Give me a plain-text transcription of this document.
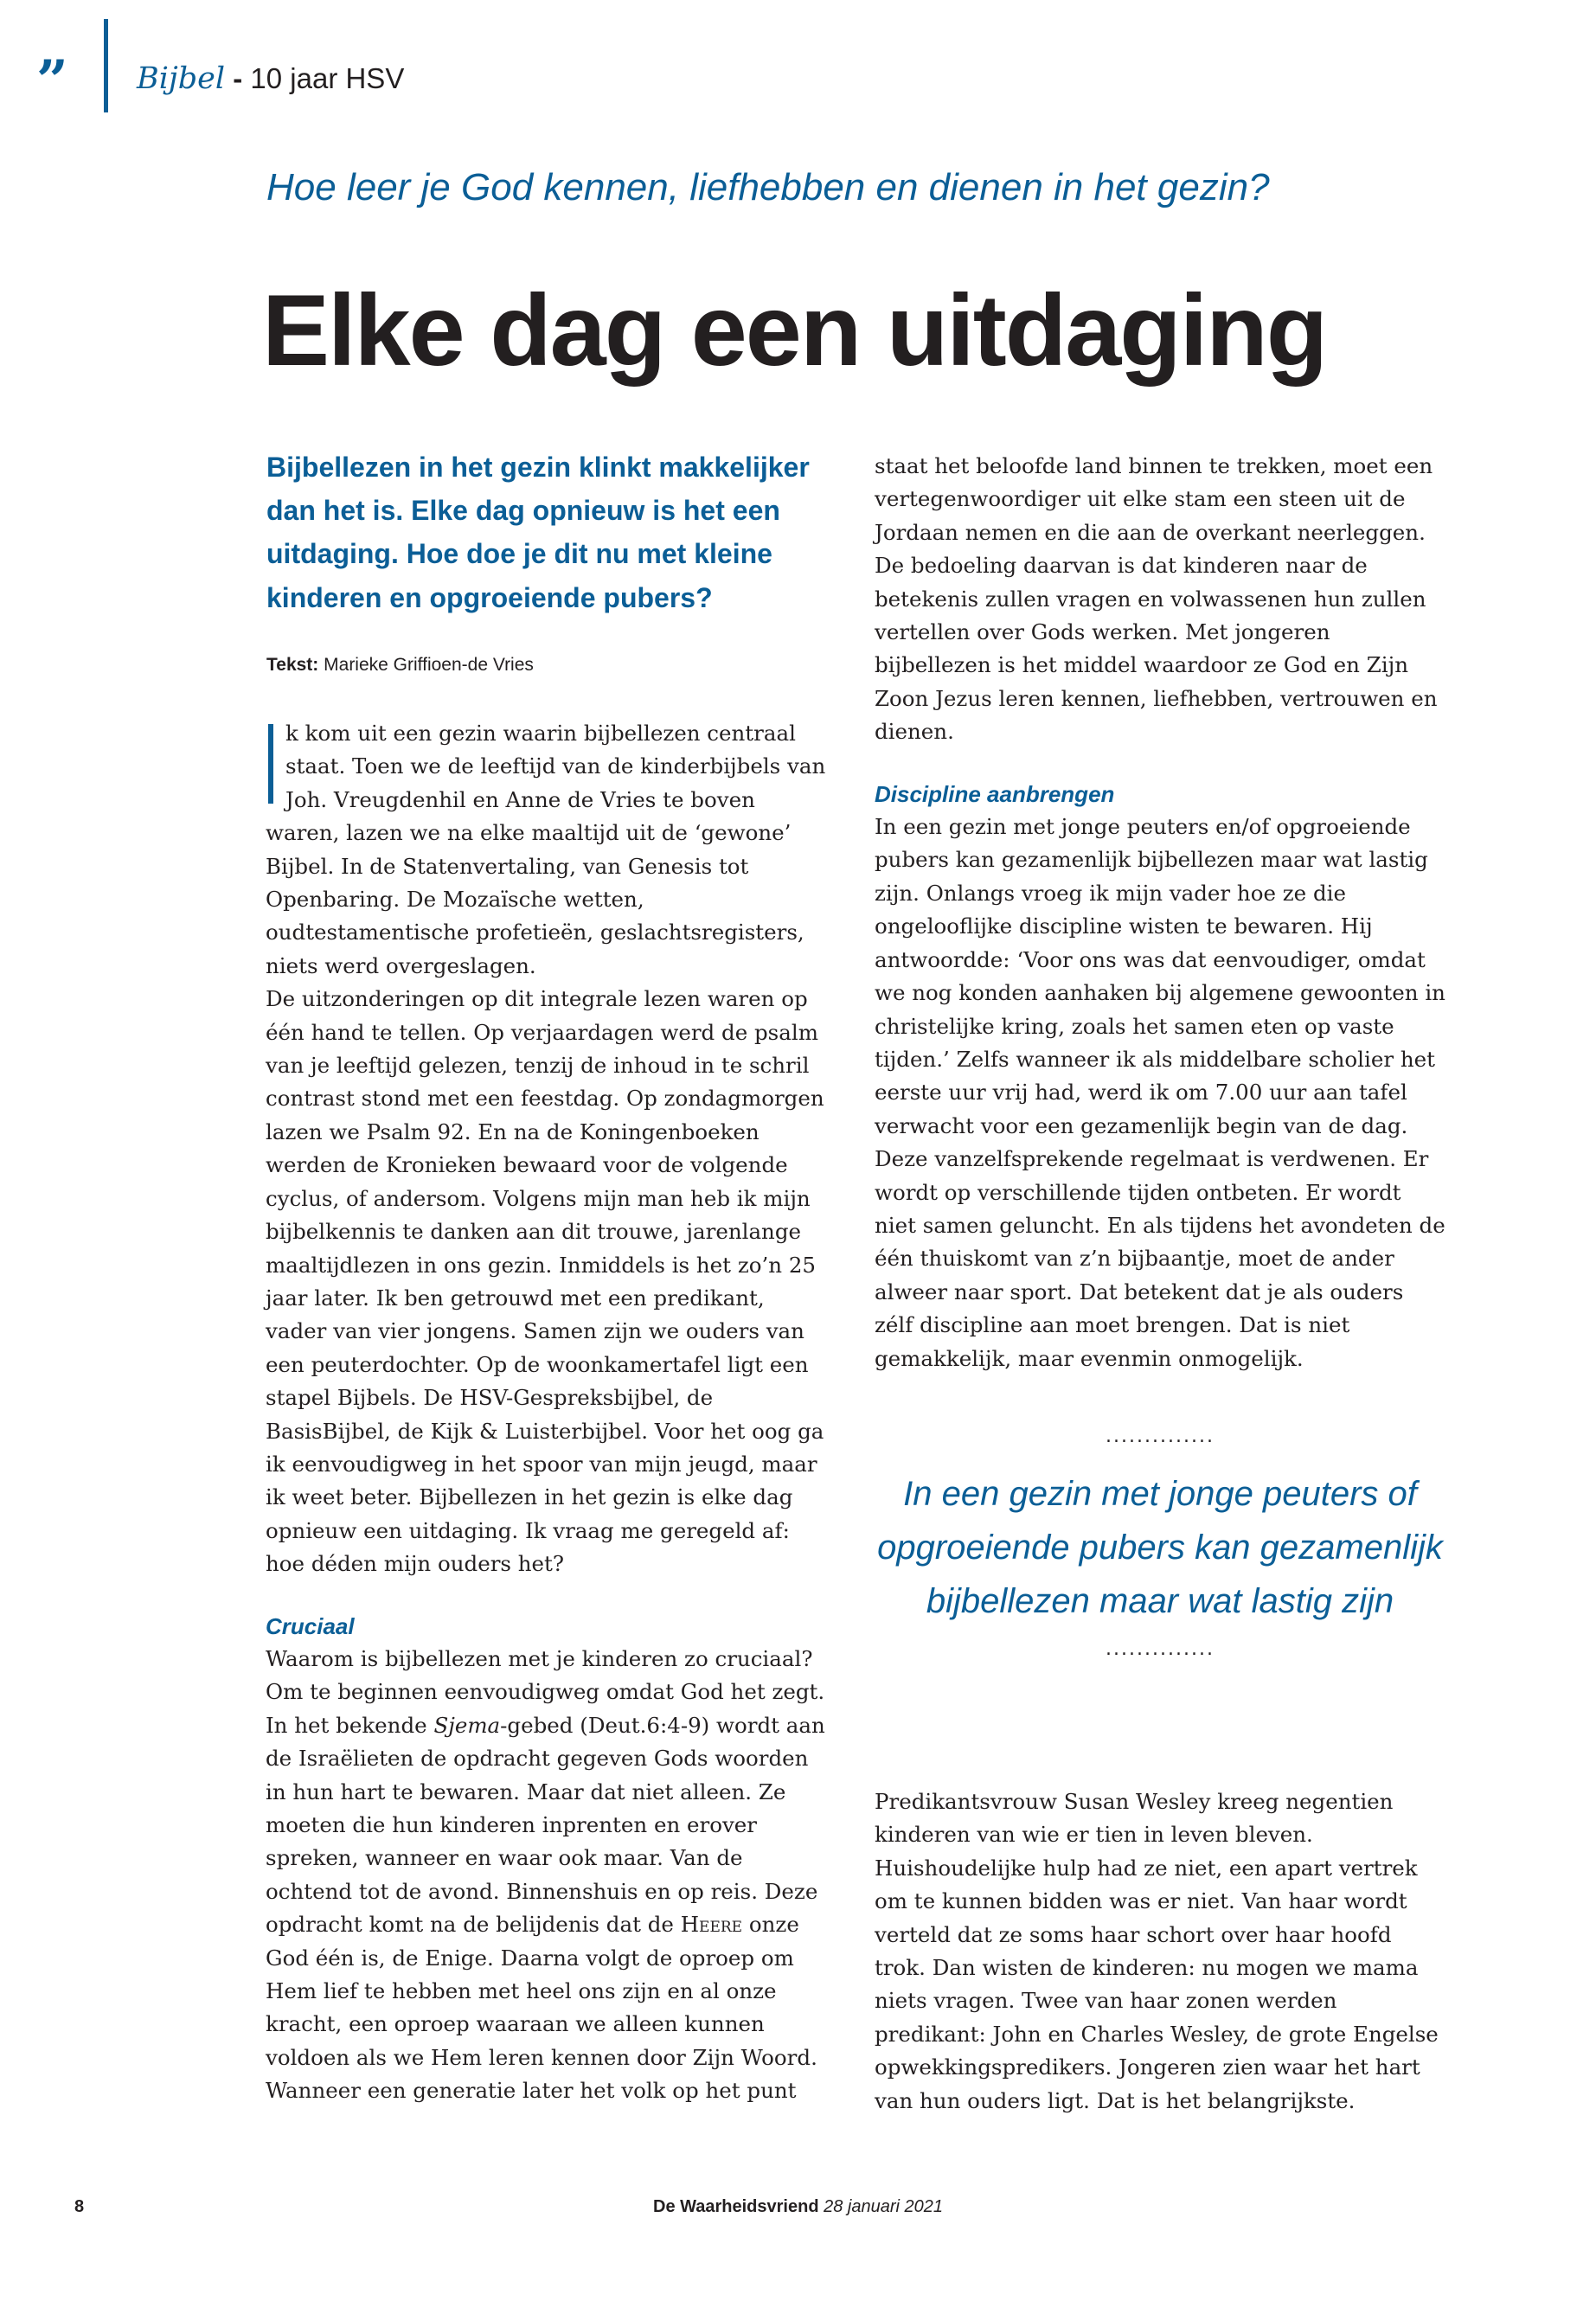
” Bijbel - 10 jaar HSV
Hoe leer je God kennen, liefhebben en dienen in het gezin?
Elke dag een uitdaging
Bijbellezen in het gezin klinkt makkelijker dan het is. Elke dag opnieuw is het een uitdaging. Hoe doe je dit nu met kleine kinderen en opgroeiende pubers?
Tekst: Marieke Griffioen-de Vries

k kom uit een gezin waarin bijbellezen centraal staat. Toen we de leeftijd van de kinderbijbels van Joh. Vreugdenhil en Anne de Vries te boven waren, lazen we na elke maaltijd uit de ‘gewone’ Bijbel. In de Statenvertaling, van Genesis tot Openbaring. De Mozaïsche wetten, oudtestamentische profetieën, geslachtsregisters, niets werd overgeslagen.

De uitzonderingen op dit integrale lezen waren op één hand te tellen. Op verjaardagen werd de psalm van je leeftijd gelezen, tenzij de inhoud in te schril contrast stond met een feestdag. Op zondagmorgen lazen we Psalm 92. En na de Koningenboeken werden de Kronieken bewaard voor de volgende cyclus, of andersom. Volgens mijn man heb ik mijn bijbelkennis te danken aan dit trouwe, jarenlange maaltijdlezen in ons gezin. Inmiddels is het zo’n 25 jaar later. Ik ben getrouwd met een predikant, vader van vier jongens. Samen zijn we ouders van een peuterdochter. Op de woonkamertafel ligt een stapel Bijbels. De HSV-Gespreksbijbel, de BasisBijbel, de Kijk & Luisterbijbel. Voor het oog ga ik eenvoudigweg in het spoor van mijn jeugd, maar ik weet beter. Bijbellezen in het gezin is elke dag opnieuw een uitdaging. Ik vraag me geregeld af: hoe déden mijn ouders het?

Cruciaal

Waarom is bijbellezen met je kinderen zo cruciaal? Om te beginnen eenvoudigweg omdat God het zegt. In het bekende Sjema-gebed (Deut.6:4-9) wordt aan de Israëlieten de opdracht gegeven Gods woorden in hun hart te bewaren. Maar dat niet alleen. Ze moeten die hun kinderen inprenten en erover spreken, wanneer en waar ook maar. Van de ochtend tot de avond. Binnenshuis en op reis. Deze opdracht komt na de belijdenis dat de Heere onze God één is, de Enige. Daarna volgt de oproep om Hem lief te hebben met heel ons zijn en al onze kracht, een oproep waaraan we alleen kunnen voldoen als we Hem leren kennen door Zijn Woord.

Wanneer een generatie later het volk op het punt

staat het beloofde land binnen te trekken, moet een vertegenwoordiger uit elke stam een steen uit de Jordaan nemen en die aan de overkant neerleggen. De bedoeling daarvan is dat kinderen naar de betekenis zullen vragen en volwassenen hun zullen vertellen over Gods werken. Met jongeren bijbellezen is het middel waardoor ze God en Zijn Zoon Jezus leren kennen, liefhebben, vertrouwen en dienen.

Discipline aanbrengen

In een gezin met jonge peuters en/of opgroeiende pubers kan gezamenlijk bijbellezen maar wat lastig zijn. Onlangs vroeg ik mijn vader hoe ze die ongelooflijke discipline wisten te bewaren. Hij antwoordde: ‘Voor ons was dat eenvoudiger, omdat we nog konden aanhaken bij algemene gewoonten in christelijke kring, zoals het samen eten op vaste tijden.’ Zelfs wanneer ik als middelbare scholier het eerste uur vrij had, werd ik om 7.00 uur aan tafel verwacht voor een gezamenlijk begin van de dag.

Deze vanzelfsprekende regelmaat is verdwenen. Er wordt op verschillende tijden ontbeten. Er wordt niet samen geluncht. En als tijdens het avondeten de één thuiskomt van z’n bijbaantje, moet de ander alweer naar sport. Dat betekent dat je als ouders zélf discipline aan moet brengen. Dat is niet gemakkelijk, maar evenmin onmogelijk.

..............
In een gezin met jonge peuters of opgroeiende pubers kan gezamenlijk bijbellezen maar wat lastig zijn
..............

Predikantsvrouw Susan Wesley kreeg negentien kinderen van wie er tien in leven bleven. Huishoudelijke hulp had ze niet, een apart vertrek om te kunnen bidden was er niet. Van haar wordt verteld dat ze soms haar schort over haar hoofd trok. Dan wisten de kinderen: nu mogen we mama niets vragen. Twee van haar zonen werden predikant: John en Charles Wesley, de grote Engelse opwekkingspredikers. Jongeren zien waar het hart van hun ouders ligt. Dat is het belangrijkste.

8	De Waarheidsvriend 28 januari 2021
